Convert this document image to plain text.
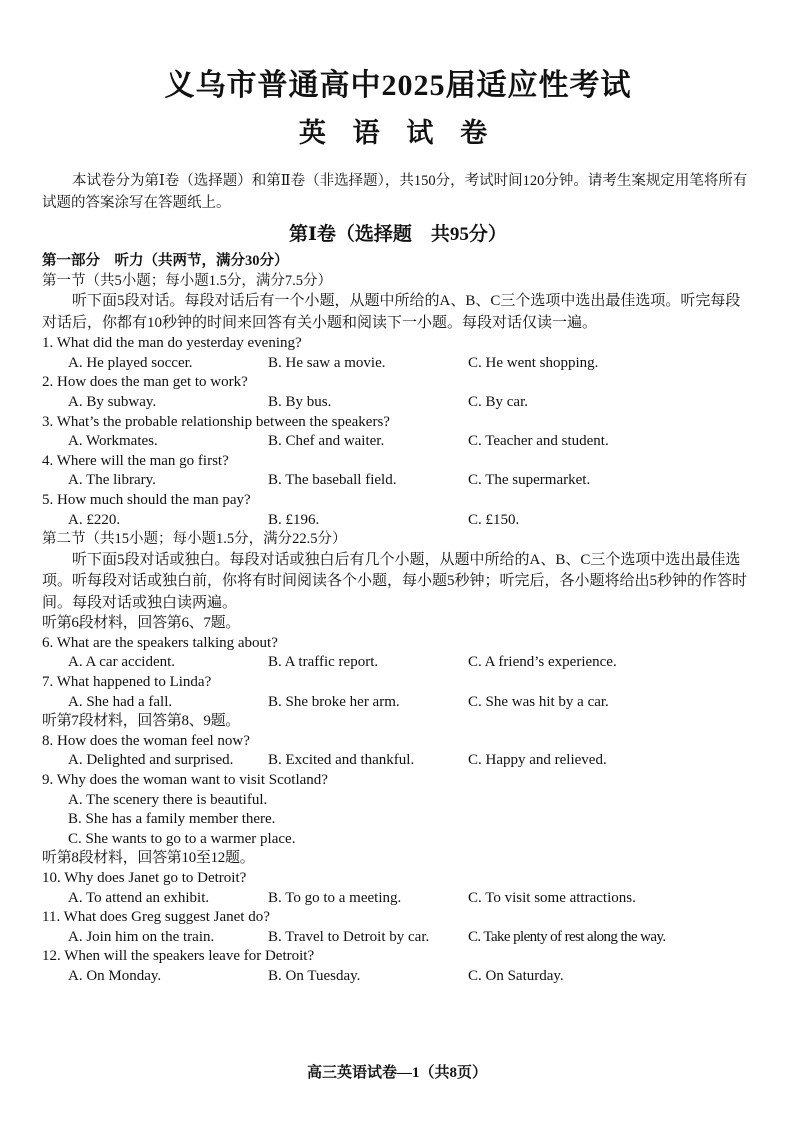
义乌市普通高中2025届适应性考试
英 语 试 卷
本试卷分为第Ⅰ卷（选择题）和第Ⅱ卷（非选择题），共150分，考试时间120分钟。请考生案规定用笔将所有试题的答案涂写在答题纸上。
第Ⅰ卷（选择题　共95分）
第一部分　听力（共两节，满分30分）
第一节（共5小题；每小题1.5分，满分7.5分）
听下面5段对话。每段对话后有一个小题，从题中所给的A、B、C三个选项中选出最佳选项。听完每段对话后，你都有10秒钟的时间来回答有关小题和阅读下一小题。每段对话仅读一遍。
1. What did the man do yesterday evening?
A. He played soccer.	B. He saw a movie.	C. He went shopping.
2. How does the man get to work?
A. By subway.	B. By bus.	C. By car.
3. What’s the probable relationship between the speakers?
A. Workmates.	B. Chef and waiter.	C. Teacher and student.
4. Where will the man go first?
A. The library.	B. The baseball field.	C. The supermarket.
5. How much should the man pay?
A. £220.	B. £196.	C. £150.
第二节（共15小题；每小题1.5分，满分22.5分）
听下面5段对话或独白。每段对话或独白后有几个小题，从题中所给的A、B、C三个选项中选出最佳选项。听每段对话或独白前，你将有时间阅读各个小题，每小题5秒钟；听完后，各小题将给出5秒钟的作答时间。每段对话或独白读两遍。
听第6段材料，回答第6、7题。
6. What are the speakers talking about?
A. A car accident.	B. A traffic report.	C. A friend’s experience.
7. What happened to Linda?
A. She had a fall.	B. She broke her arm.	C. She was hit by a car.
听第7段材料，回答第8、9题。
8. How does the woman feel now?
A. Delighted and surprised.	B. Excited and thankful.	C. Happy and relieved.
9. Why does the woman want to visit Scotland?
A. The scenery there is beautiful.
B. She has a family member there.
C. She wants to go to a warmer place.
听第8段材料，回答第10至12题。
10. Why does Janet go to Detroit?
A. To attend an exhibit.	B. To go to a meeting.	C. To visit some attractions.
11. What does Greg suggest Janet do?
A. Join him on the train.	B. Travel to Detroit by car.	C. Take plenty of rest along the way.
12. When will the speakers leave for Detroit?
A. On Monday.	B. On Tuesday.	C. On Saturday.
高三英语试卷—1（共8页）
